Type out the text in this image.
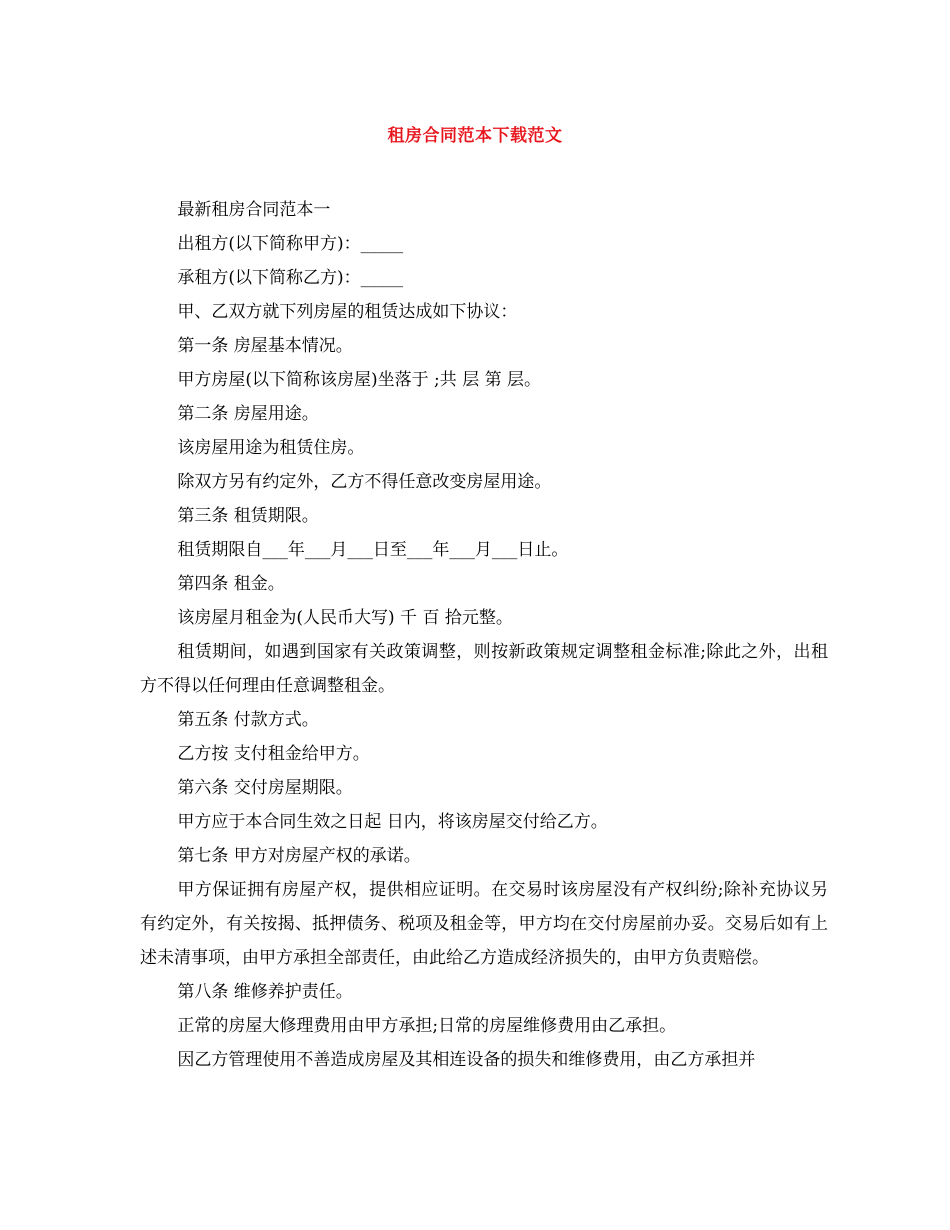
租房合同范本下载范文

最新租房合同范本一

出租方(以下简称甲方)：_____

承租方(以下简称乙方)：_____

甲、乙双方就下列房屋的租赁达成如下协议：

第一条 房屋基本情况。

甲方房屋(以下简称该房屋)坐落于 ;共 层 第 层。

第二条 房屋用途。

该房屋用途为租赁住房。

除双方另有约定外，乙方不得任意改变房屋用途。

第三条 租赁期限。

租赁期限自___年___月___日至___年___月___日止。

第四条 租金。

该房屋月租金为(人民币大写) 千 百 拾元整。

租赁期间，如遇到国家有关政策调整，则按新政策规定调整租金标准;除此之外，出租方不得以任何理由任意调整租金。

第五条 付款方式。

乙方按 支付租金给甲方。

第六条 交付房屋期限。

甲方应于本合同生效之日起 日内，将该房屋交付给乙方。

第七条 甲方对房屋产权的承诺。

甲方保证拥有房屋产权，提供相应证明。在交易时该房屋没有产权纠纷;除补充协议另有约定外，有关按揭、抵押债务、税项及租金等，甲方均在交付房屋前办妥。交易后如有上述未清事项，由甲方承担全部责任，由此给乙方造成经济损失的，由甲方负责赔偿。

第八条 维修养护责任。

正常的房屋大修理费用由甲方承担;日常的房屋维修费用由乙承担。

因乙方管理使用不善造成房屋及其相连设备的损失和维修费用，由乙方承担并
